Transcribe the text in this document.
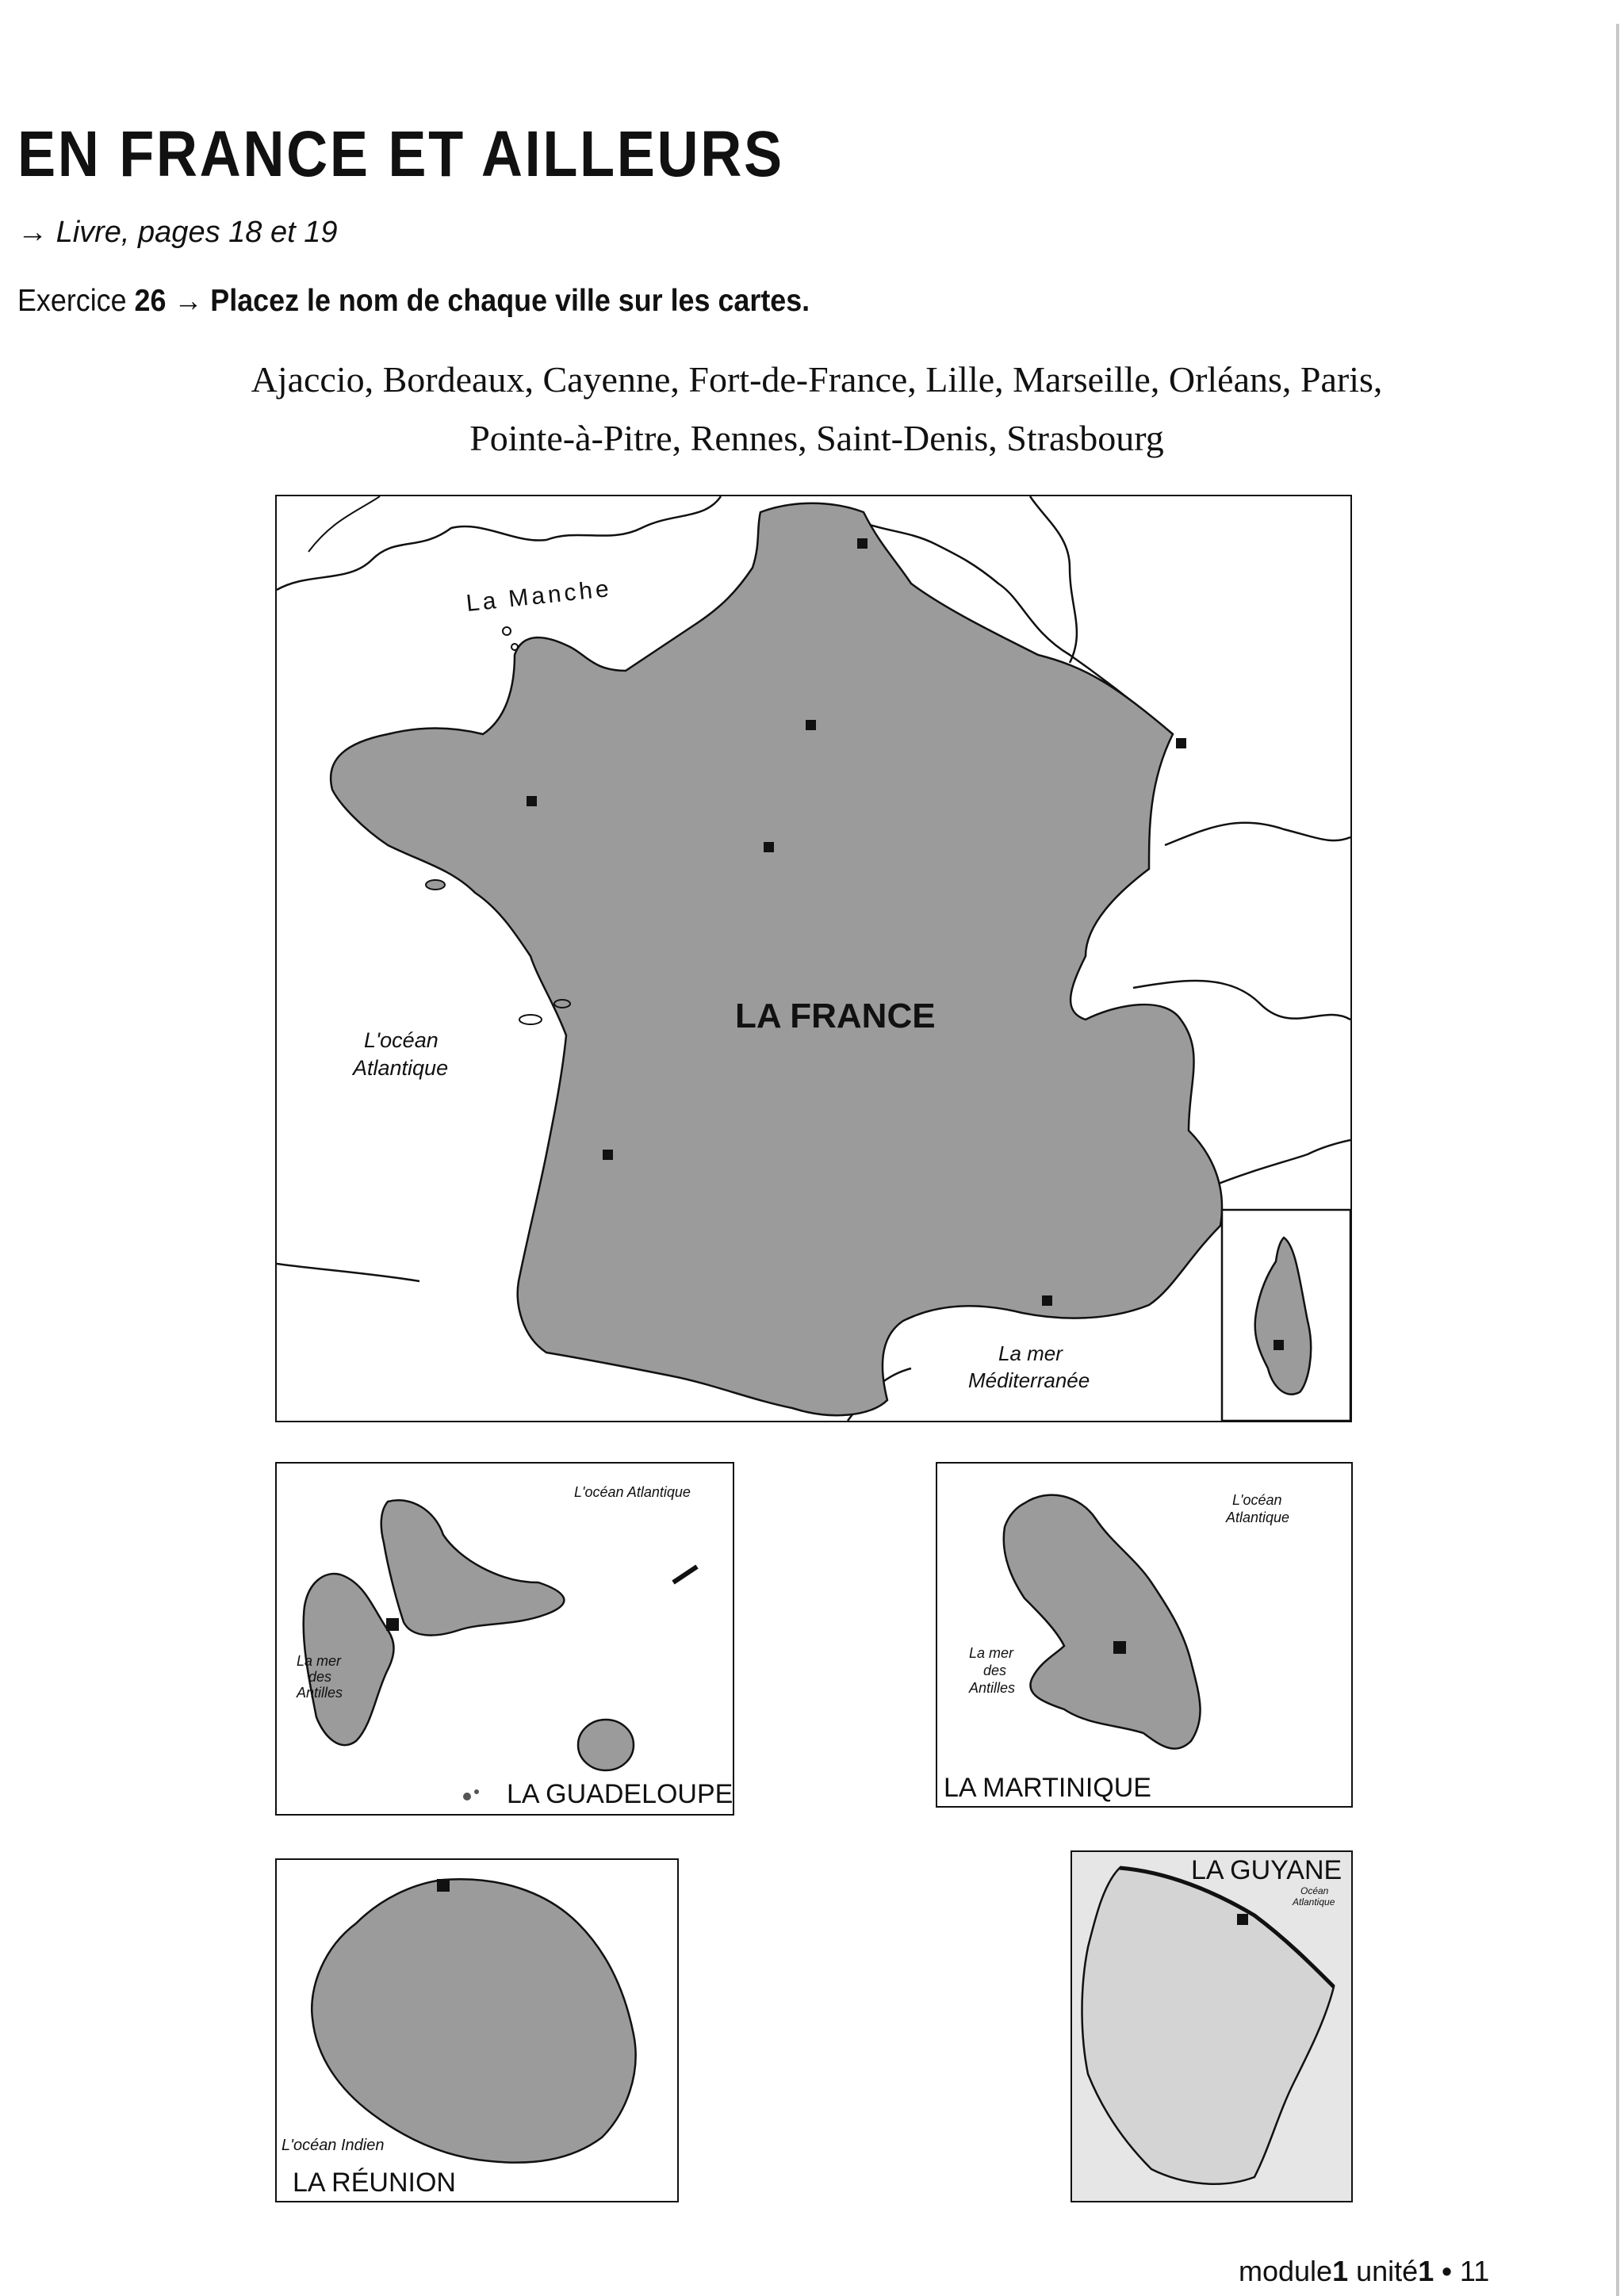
EN FRANCE ET AILLEURS
→ Livre, pages 18 et 19
Exercice 26 → Placez le nom de chaque ville sur les cartes.
Ajaccio, Bordeaux, Cayenne, Fort-de-France, Lille, Marseille, Orléans, Paris,
Pointe-à-Pitre, Rennes, Saint-Denis, Strasbourg
La Manche
LA FRANCE
L'océan
Atlantique
La mer
Méditerranée
L'océan Atlantique
La mer
des
Antilles
LA GUADELOUPE
L'océan
Atlantique
La mer
des
Antilles
LA MARTINIQUE
L'océan Indien
LA RÉUNION
LA GUYANE
Océan
Atlantique
module1 unité1 • 11
